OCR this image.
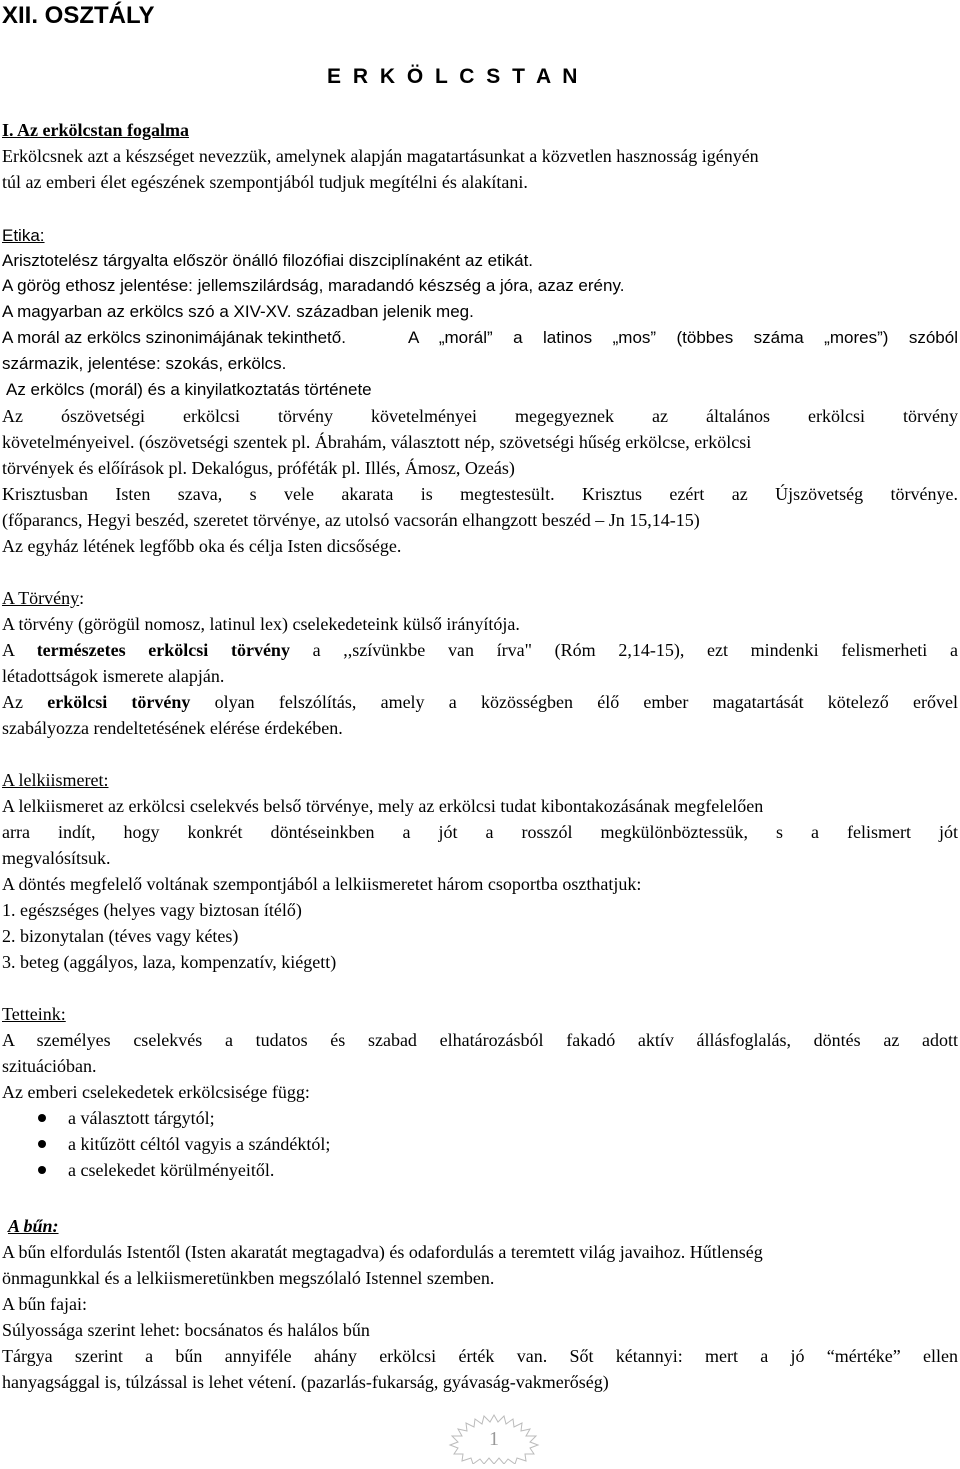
XII. OSZTÁLY
E R K Ö L C S T A N
I. Az erkölcstan fogalma
Erkölcsnek azt a készséget nevezzük, amelynek alapján magatartásunkat a közvetlen hasznosság igényén
túl az emberi élet egészének szempontjából tudjuk megítélni és alakítani.
Etika:
Arisztotelész tárgyalta először önálló filozófiai diszciplínaként az etikát.
A görög ethosz jelentése: jellemszilárdság, maradandó készség a jóra, azaz erény.
A magyarban az erkölcs szó a XIV-XV. században jelenik meg.
A morál az erkölcs szinonimájának tekinthető.	A „morál” a latinos „mos” (többes száma „mores”) szóból
származik, jelentése: szokás, erkölcs.
Az erkölcs (morál) és a kinyilatkoztatás története
Az ószövetségi erkölcsi törvény követelményei megegyeznek az általános erkölcsi törvény
követelményeivel. (ószövetségi szentek pl. Ábrahám, választott nép, szövetségi hűség erkölcse, erkölcsi
törvények és előírások pl. Dekalógus, próféták pl. Illés, Ámosz, Ozeás)
Krisztusban Isten szava, s vele akarata is megtestesült. Krisztus ezért az Újszövetség törvénye.
(főparancs, Hegyi beszéd, szeretet törvénye, az utolsó vacsorán elhangzott beszéd – Jn 15,14-15)
Az egyház létének legfőbb oka és célja Isten dicsősége.
A Törvény:
A törvény (görögül nomosz, latinul lex) cselekedeteink külső irányítója.
A természetes erkölcsi törvény a ,,szívünkbe van írva" (Róm 2,14-15), ezt mindenki felismerheti a
létadottságok ismerete alapján.
Az erkölcsi törvény olyan felszólítás, amely a közösségben élő ember magatartását kötelező erővel
szabályozza rendeltetésének elérése érdekében.
A lelkiismeret:
A lelkiismeret az erkölcsi cselekvés belső törvénye, mely az erkölcsi tudat kibontakozásának megfelelően
arra indít, hogy konkrét döntéseinkben a jót a rosszól megkülönböztessük, s a felismert jót
megvalósítsuk.
A döntés megfelelő voltának szempontjából a lelkiismeretet három csoportba oszthatjuk:
1. egészséges (helyes vagy biztosan ítélő)
2. bizonytalan (téves vagy kétes)
3. beteg (aggályos, laza, kompenzatív, kiégett)
Tetteink:
A személyes cselekvés a tudatos és szabad elhatározásból fakadó aktív állásfoglalás, döntés az adott
szituációban.
Az emberi cselekedetek erkölcsisége függ:
a választott tárgytól;
a kitűzött céltól vagyis a szándéktól;
a cselekedet körülményeitől.
A bűn:
A bűn elfordulás Istentől (Isten akaratát megtagadva) és odafordulás a teremtett világ javaihoz. Hűtlenség
önmagunkkal és a lelkiismeretünkben megszólaló Istennel szemben.
A bűn fajai:
Súlyossága szerint lehet: bocsánatos és halálos bűn
Tárgya szerint a bűn annyiféle ahány erkölcsi érték van. Sőt kétannyi: mert a jó “mértéke” ellen
hanyagsággal is, túlzással is lehet vétení. (pazarlás-fukarság, gyávaság-vakmerőség)
1
